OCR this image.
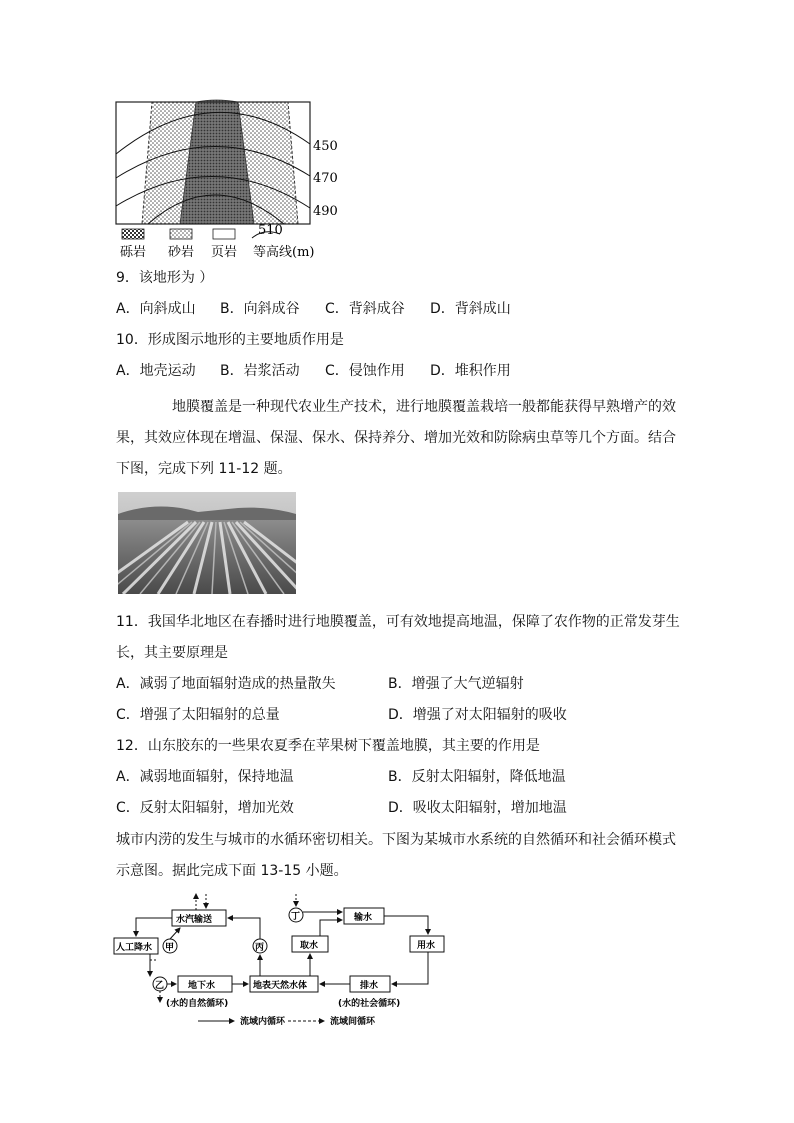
450
470
490
510
砾岩 砂岩 页岩 等高线(m)
9．该地形为 ）
A．向斜成山 B．向斜成谷 C．背斜成谷 D．背斜成山
10．形成图示地形的主要地质作用是
A．地壳运动 B．岩浆活动 C．侵蚀作用 D．堆积作用
地膜覆盖是一种现代农业生产技术，进行地膜覆盖栽培一般都能获得早熟增产的效果，其效应体现在增温、保湿、保水、保持养分、增加光效和防除病虫草等几个方面。结合下图，完成下列 11-12 题。
11．我国华北地区在春播时进行地膜覆盖，可有效地提高地温，保障了农作物的正常发芽生
长，其主要原理是
A．减弱了地面辐射造成的热量散失	B．增强了大气逆辐射
C．增强了太阳辐射的总量	D．增强了对太阳辐射的吸收
12．山东胶东的一些果农夏季在苹果树下覆盖地膜，其主要的作用是
A．减弱地面辐射，保持地温	B．反射太阳辐射，降低地温
C．反射太阳辐射，增加光效	D．吸收太阳辐射，增加地温
城市内涝的发生与城市的水循环密切相关。下图为某城市水系统的自然循环和社会循环模式
示意图。据此完成下面 13-15 小题。
水汽输送
人工降水
地下水	地表天然水体
取水
输水
用水
排水
甲
乙
丙
丁
(水的自然循环)	(水的社会循环)
流域内循环	流域间循环
